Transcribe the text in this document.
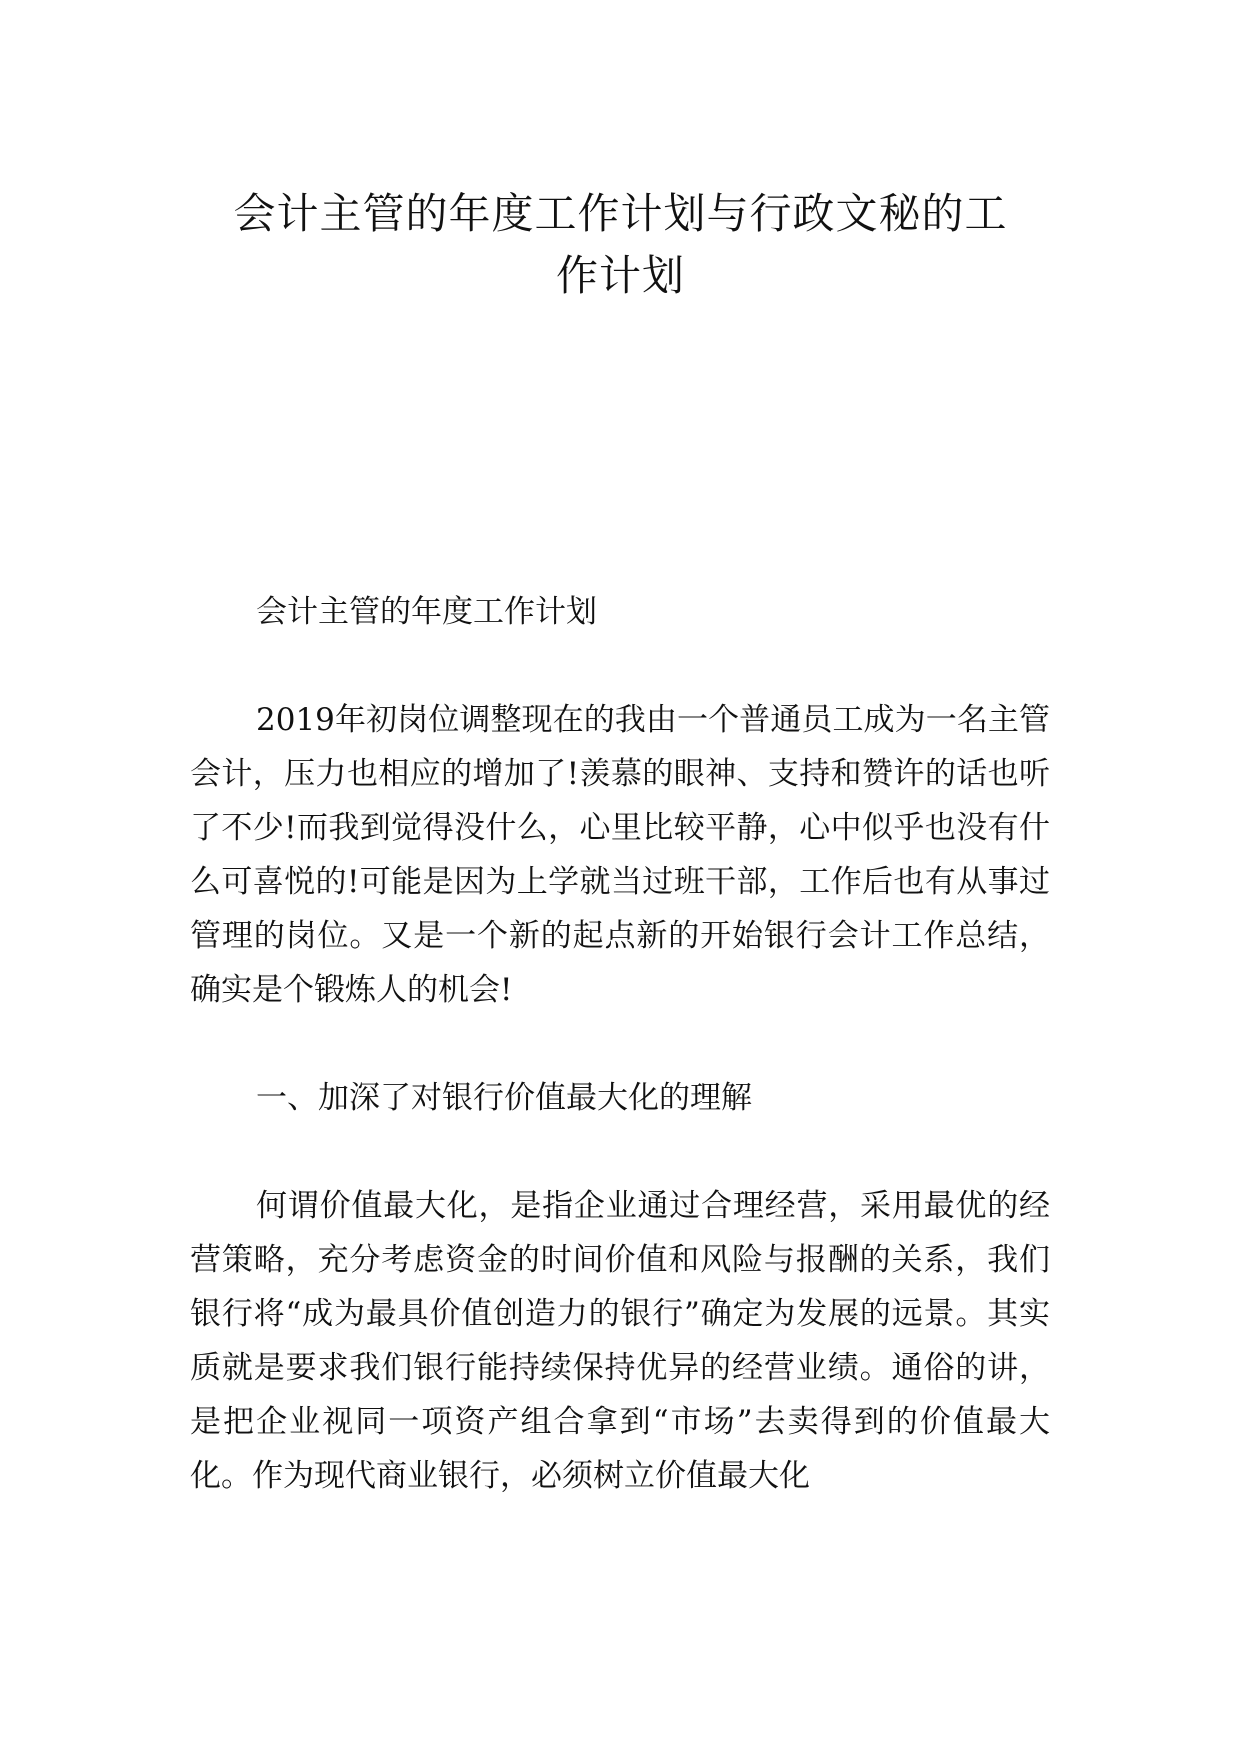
会计主管的年度工作计划与行政文秘的工
作计划

会计主管的年度工作计划

2019年初岗位调整现在的我由一个普通员工成为一名主管会计，压力也相应的增加了!羡慕的眼神、支持和赞许的话也听了不少!而我到觉得没什么，心里比较平静，心中似乎也没有什么可喜悦的!可能是因为上学就当过班干部，工作后也有从事过管理的岗位。又是一个新的起点新的开始银行会计工作总结，确实是个锻炼人的机会!

一、加深了对银行价值最大化的理解

何谓价值最大化，是指企业通过合理经营，采用最优的经营策略，充分考虑资金的时间价值和风险与报酬的关系，我们银行将“成为最具价值创造力的银行”确定为发展的远景。其实质就是要求我们银行能持续保持优异的经营业绩。通俗的讲，是把企业视同一项资产组合拿到“市场”去卖得到的价值最大化。作为现代商业银行，必须树立价值最大化
